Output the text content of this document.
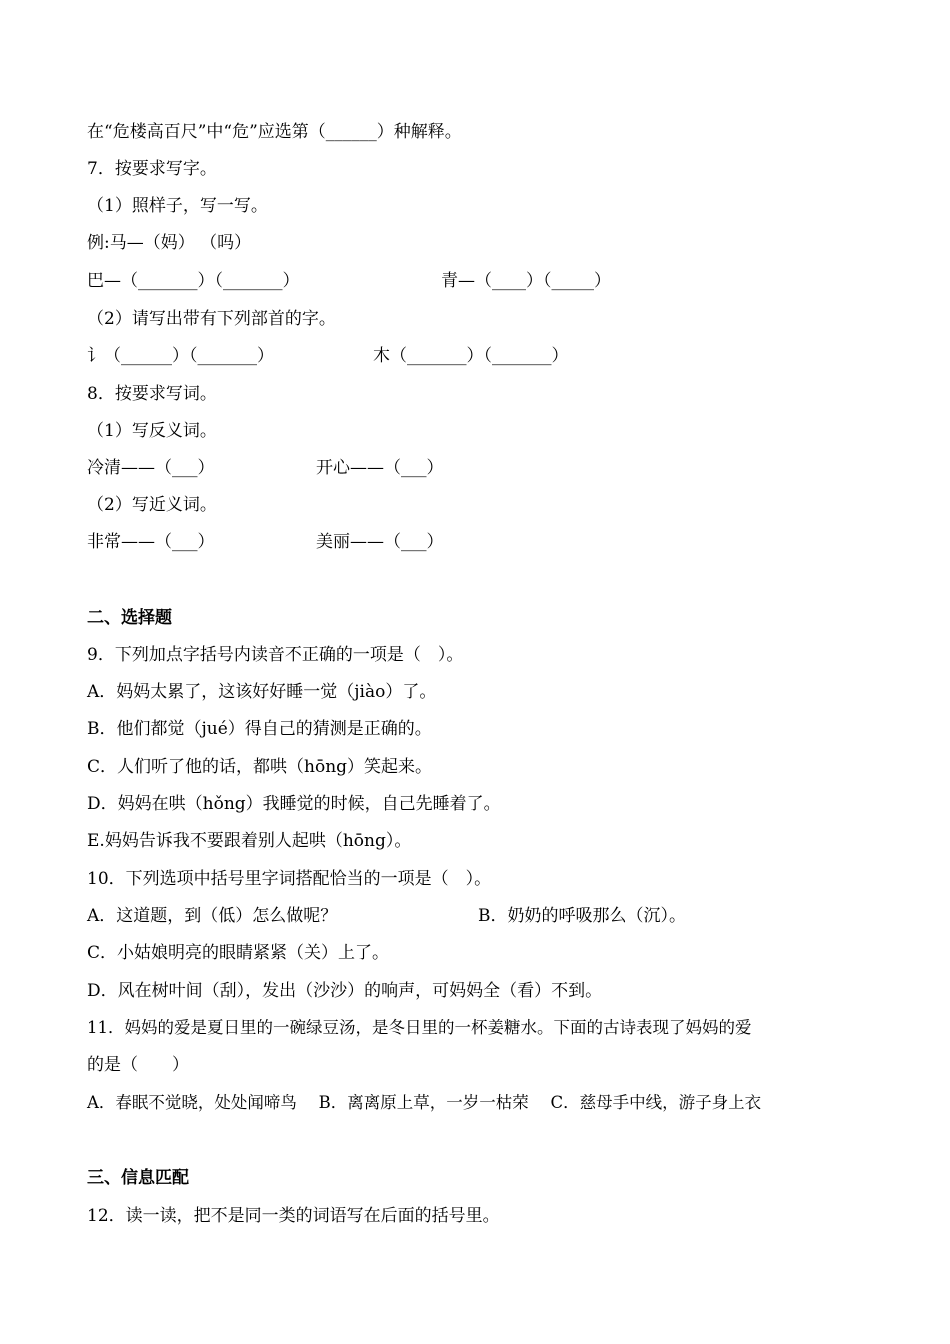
在“危楼高百尺”中“危”应选第（______）种解释。
7．按要求写字。
（1）照样子，写一写。
例:马—（妈） （吗）
巴—（_______）（_______）	青—（____）（_____）
（2）请写出带有下列部首的字。
讠（______）（_______）	木（_______）（_______）
8．按要求写词。
（1）写反义词。
冷清——（___）	开心——（___）
（2）写近义词。
非常——（___）	美丽——（___）
二、选择题
9．下列加点字括号内读音不正确的一项是（　）。
A．妈妈太累了，这该好好睡一觉（jiào）了。
B．他们都觉（jué）得自己的猜测是正确的。
C．人们听了他的话，都哄（hōng）笑起来。
D．妈妈在哄（hǒng）我睡觉的时候，自己先睡着了。
E.妈妈告诉我不要跟着别人起哄（hōng）。
10．下列选项中括号里字词搭配恰当的一项是（　）。
A．这道题，到（低）怎么做呢？	B．奶奶的呼吸那么（沉）。
C．小姑娘明亮的眼睛紧紧（关）上了。
D．风在树叶间（刮），发出（沙沙）的响声，可妈妈全（看）不到。
11．妈妈的爱是夏日里的一碗绿豆汤，是冬日里的一杯姜糖水。下面的古诗表现了妈妈的爱
的是（　　）
A．春眠不觉晓，处处闻啼鸟　 B．离离原上草，一岁一枯荣　 C．慈母手中线，游子身上衣
三、信息匹配
12．读一读，把不是同一类的词语写在后面的括号里。
